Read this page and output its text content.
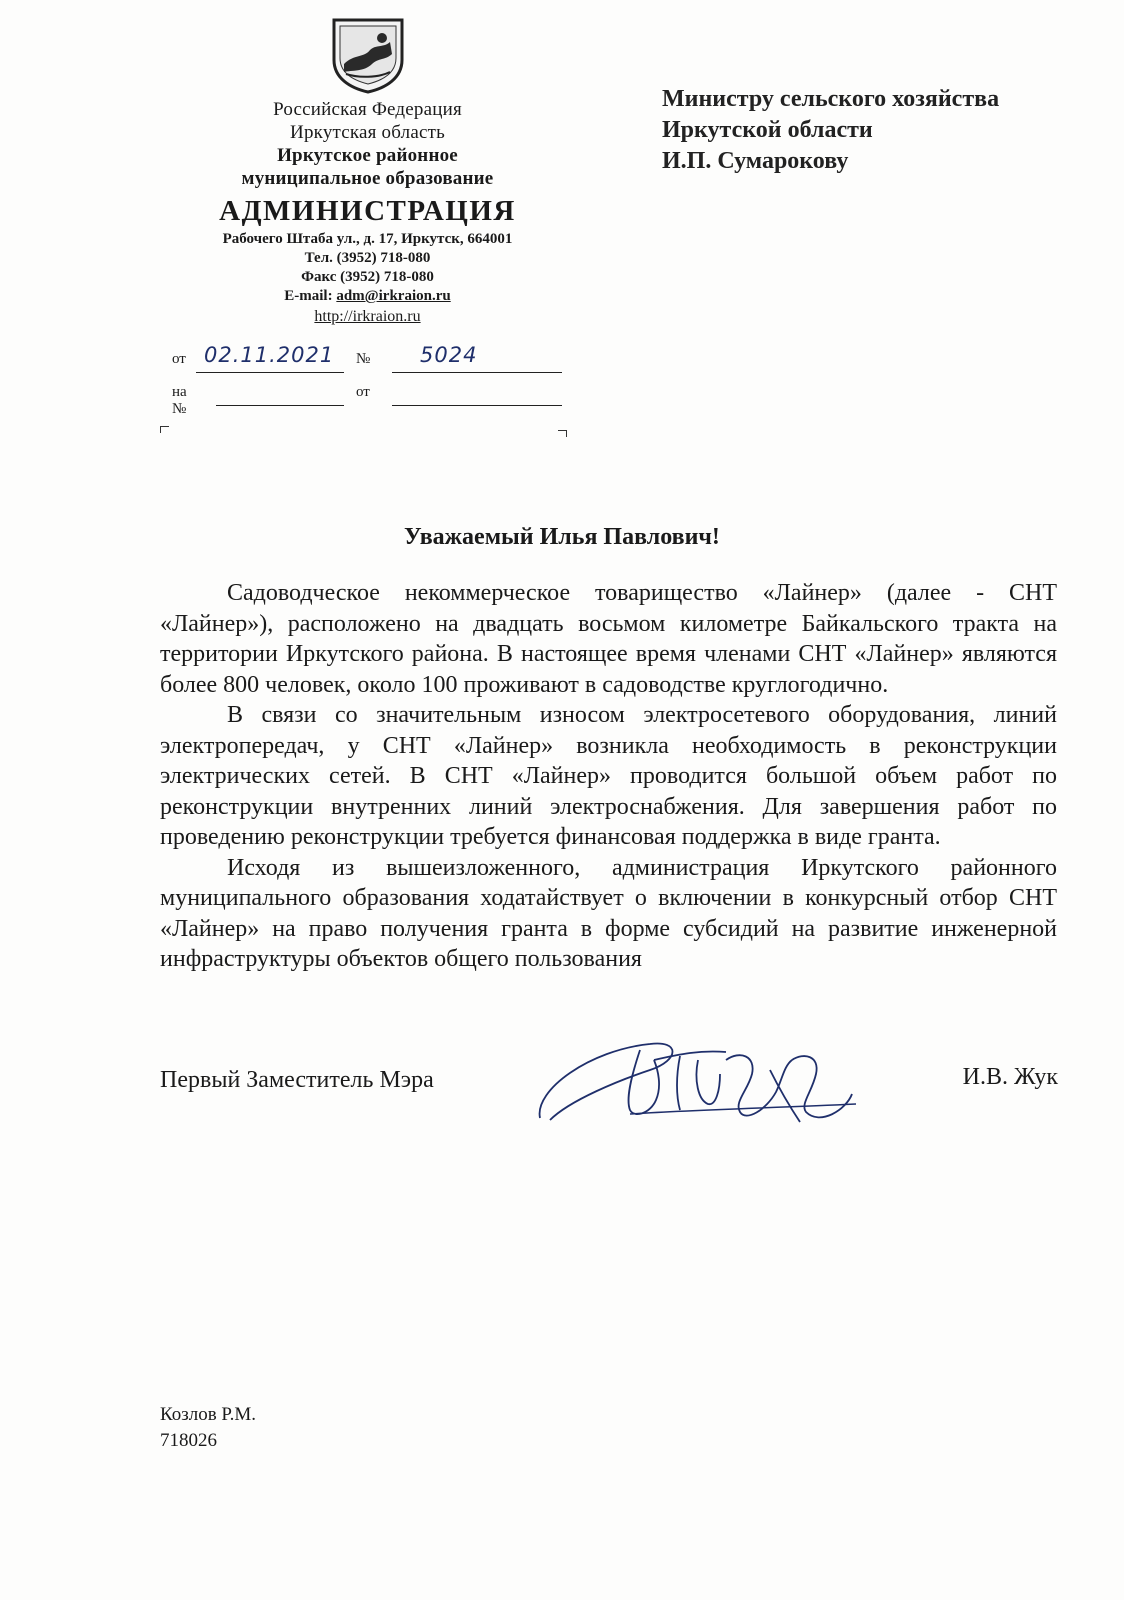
Российская Федерация
Иркутская область
Иркутское районное
муниципальное образование
АДМИНИСТРАЦИЯ
Рабочего Штаба ул., д. 17, Иркутск, 664001
Тел. (3952) 718-080
Факс (3952) 718-080
E-mail: adm@irkraion.ru
http://irkraion.ru
от 02.11.2021 № 5024
на №
от
Министру сельского хозяйства
Иркутской области
И.П. Сумарокову
Уважаемый Илья Павлович!

Садоводческое некоммерческое товарищество «Лайнер» (далее - СНТ «Лайнер»), расположено на двадцать восьмом километре Байкальского тракта на территории Иркутского района. В настоящее время членами СНТ «Лайнер» являются более 800 человек, около 100 проживают в садоводстве круглогодично.

В связи со значительным износом электросетевого оборудования, линий электропередач, у СНТ «Лайнер» возникла необходимость в реконструкции электрических сетей. В СНТ «Лайнер» проводится большой объем работ по реконструкции внутренних линий электроснабжения. Для завершения работ по проведению реконструкции требуется финансовая поддержка в виде гранта.

Исходя из вышеизложенного, администрация Иркутского районного муниципального образования ходатайствует о включении в конкурсный отбор СНТ «Лайнер» на право получения гранта в форме субсидий на развитие инженерной инфраструктуры объектов общего пользования

Первый Заместитель Мэра	И.В. Жук
Козлов Р.М.
718026
